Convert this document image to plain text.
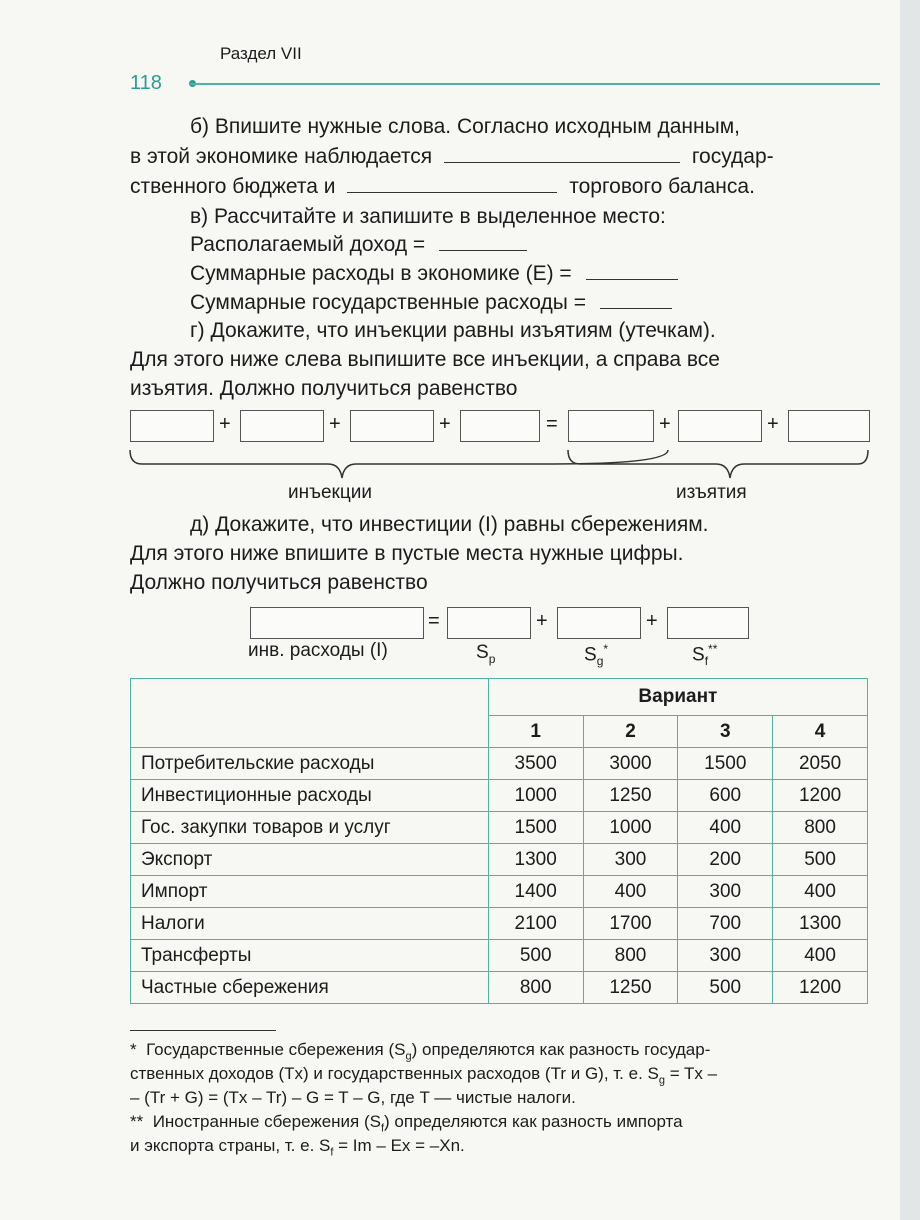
Раздел VII
118
б) Впишите нужные слова. Согласно исходным данным,
в этой экономике наблюдается	государ-
ственного бюджета и	торгового баланса.
в) Рассчитайте и запишите в выделенное место:
Располагаемый доход =
Суммарные расходы в экономике (E) =
Суммарные государственные расходы =
г) Докажите, что инъекции равны изъятиям (утечкам).
Для этого ниже слева выпишите все инъекции, а справа все
изъятия. Должно получиться равенство
+	+	+	=	+	+
инъекции	изъятия
д) Докажите, что инвестиции (I) равны сбережениям.
Для этого ниже впишите в пустые места нужные цифры.
Должно получиться равенство
=	+	+
инв. расходы (I)	$S_p$	$S_g^*$	$S_f^{**}$
	Вариант			
	1	2	3	4
Потребительские расходы	3500	3000	1500	2050
Инвестиционные расходы	1000	1250	600	1200
Гос. закупки товаров и услуг	1500	1000	400	800
Экспорт	1300	300	200	500
Импорт	1400	400	300	400
Налоги	2100	1700	700	1300
Трансферты	500	800	300	400
Частные сбережения	800	1250	500	1200
* Государственные сбережения $(S_g)$ определяются как разность государ-
ственных доходов (Tx) и государственных расходов (Tr и G), т. е. $S_g = Tx$ –
– (Tr + G) = (Tx – Tr) – G = T – G, где T — чистые налоги.
** Иностранные сбережения $(S_f)$ определяются как разность импорта
и экспорта страны, т. е. $S_f = Im - Ex = -Xn$.
